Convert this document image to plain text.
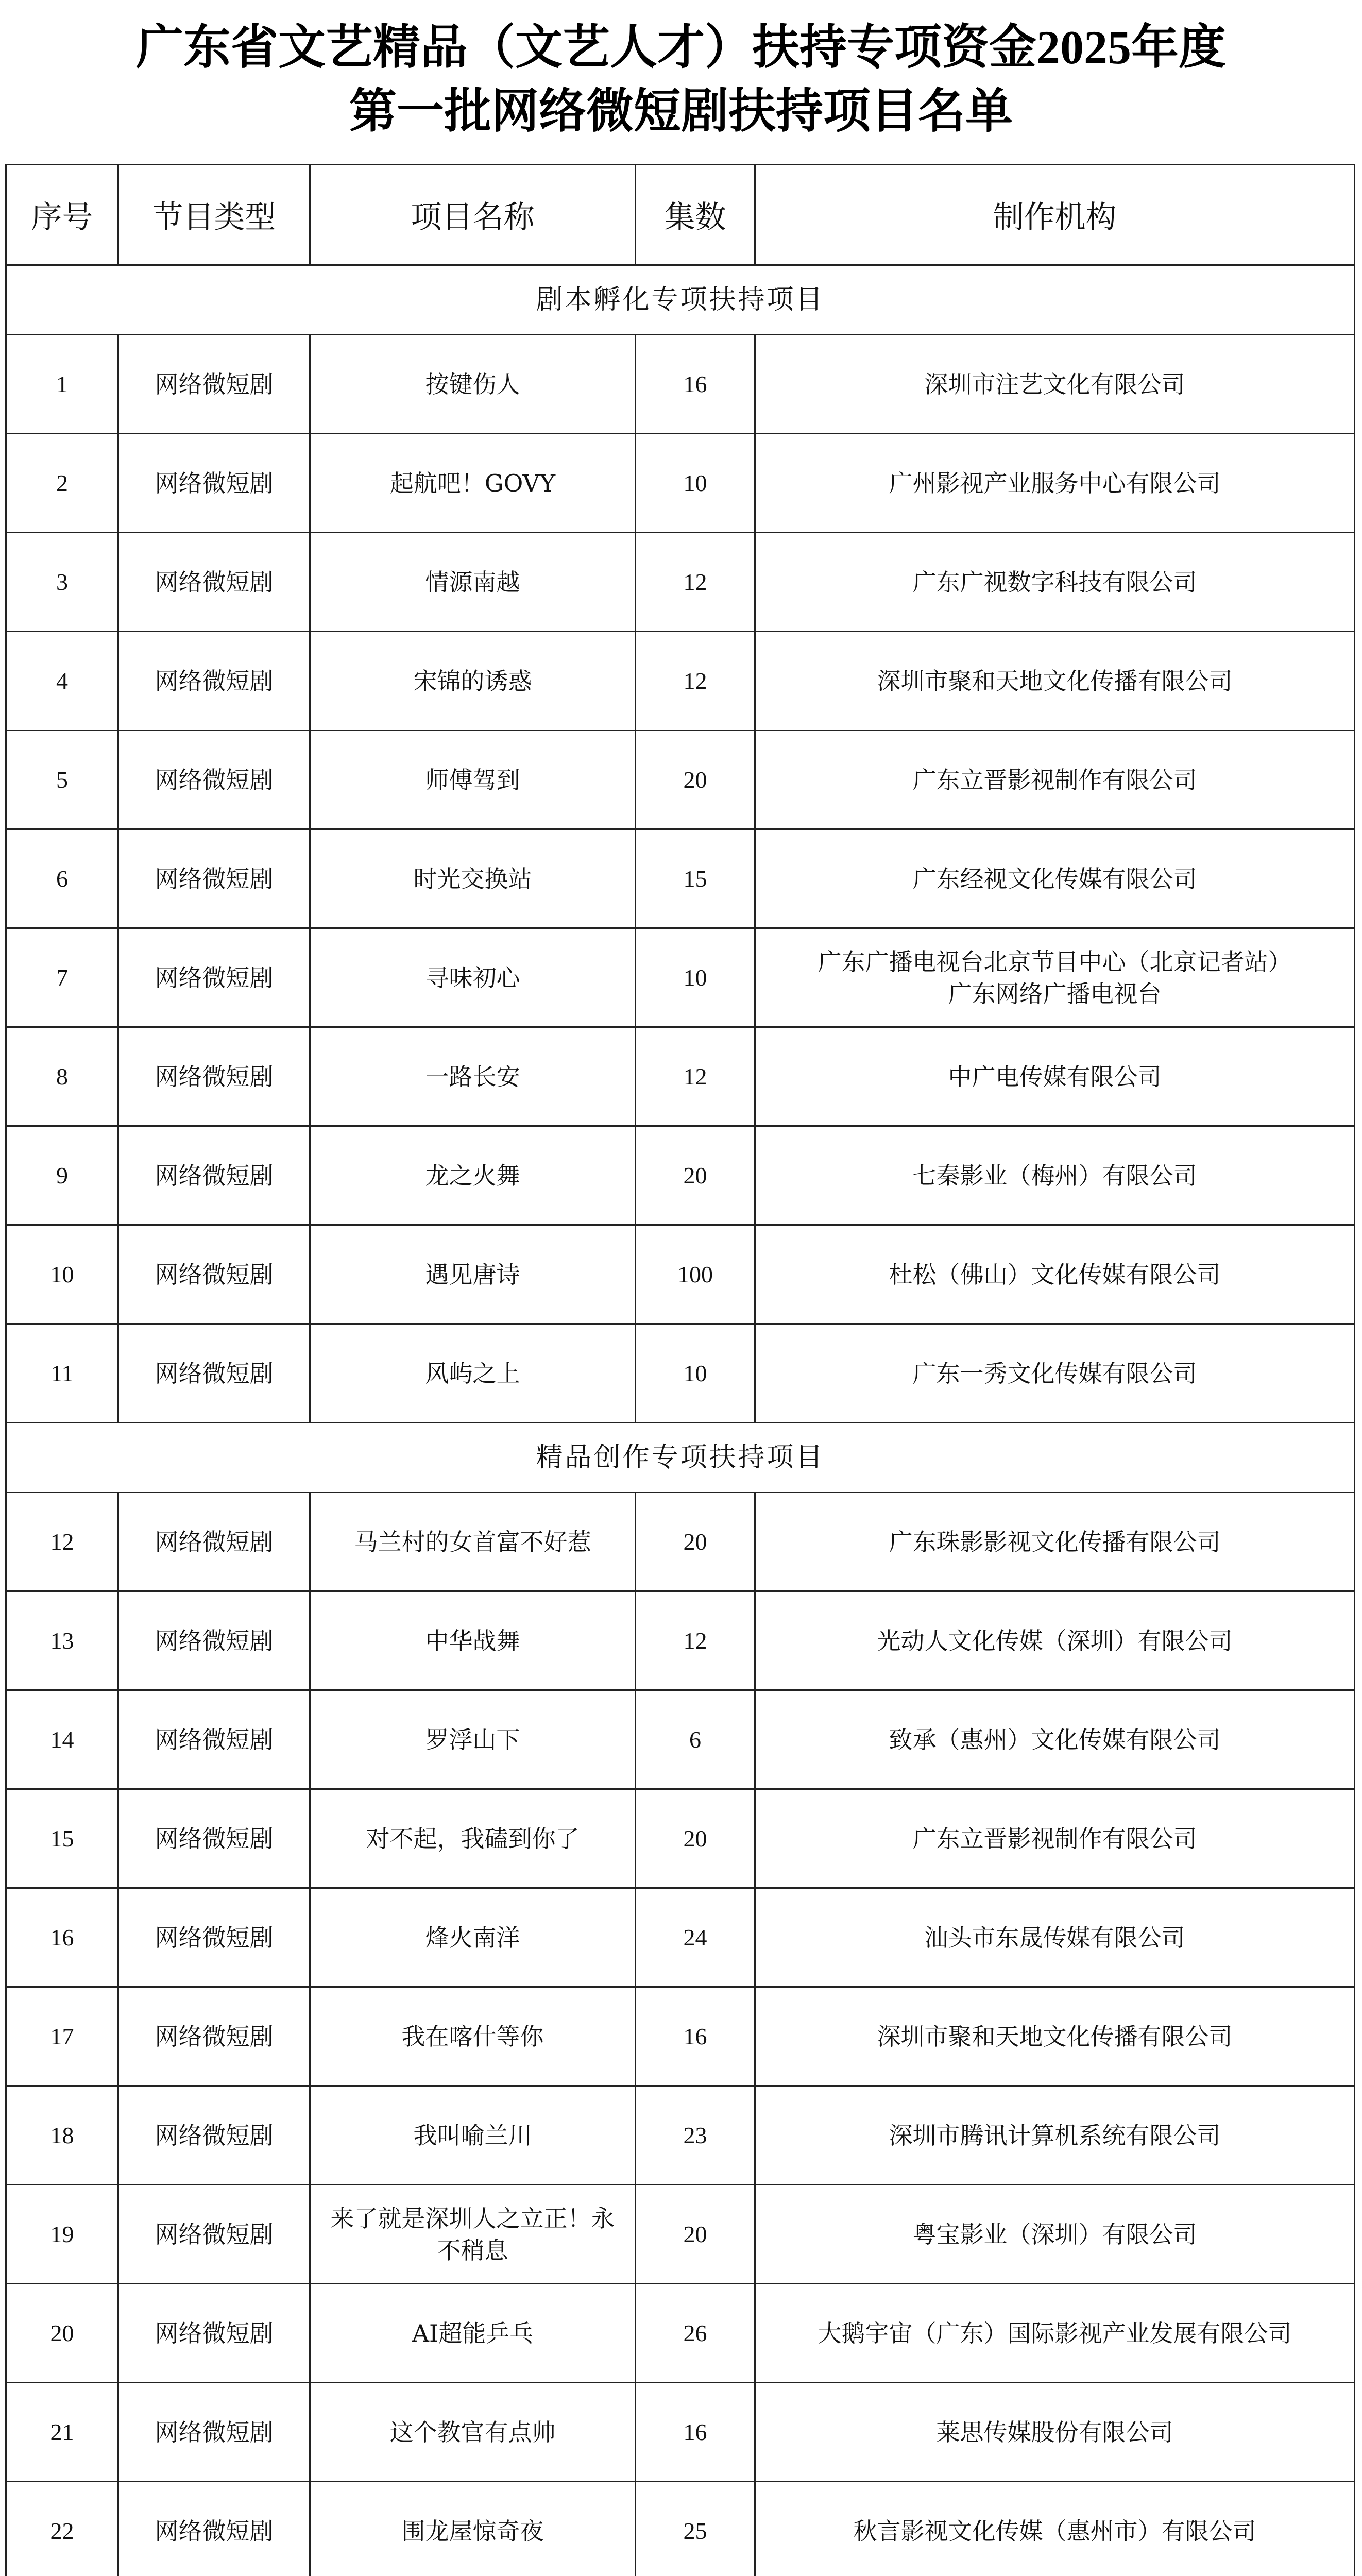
广东省文艺精品（文艺人才）扶持专项资金2025年度
第一批网络微短剧扶持项目名单
序号	节目类型	项目名称	集数	制作机构
剧本孵化专项扶持项目				
1	网络微短剧	按键伤人	16	深圳市注艺文化有限公司

2	网络微短剧	起航吧！GOVY	10	广州影视产业服务中心有限公司

3	网络微短剧	情源南越	12	广东广视数字科技有限公司

4	网络微短剧	宋锦的诱惑	12	深圳市聚和天地文化传播有限公司

5	网络微短剧	师傅驾到	20	广东立晋影视制作有限公司

6	网络微短剧	时光交换站	15	广东经视文化传媒有限公司

7	网络微短剧	寻味初心	10	广东广播电视台北京节目中心（北京记者站）
广东网络广播电视台

8	网络微短剧	一路长安	12	中广电传媒有限公司

9	网络微短剧	龙之火舞	20	七秦影业（梅州）有限公司

10	网络微短剧	遇见唐诗	100	杜松（佛山）文化传媒有限公司

11	网络微短剧	风屿之上	10	广东一秀文化传媒有限公司

精品创作专项扶持项目				
12	网络微短剧	马兰村的女首富不好惹	20	广东珠影影视文化传播有限公司

13	网络微短剧	中华战舞	12	光动人文化传媒（深圳）有限公司

14	网络微短剧	罗浮山下	6	致承（惠州）文化传媒有限公司

15	网络微短剧	对不起，我磕到你了	20	广东立晋影视制作有限公司

16	网络微短剧	烽火南洋	24	汕头市东晟传媒有限公司

17	网络微短剧	我在喀什等你	16	深圳市聚和天地文化传播有限公司

18	网络微短剧	我叫喻兰川	23	深圳市腾讯计算机系统有限公司

19	网络微短剧	来了就是深圳人之立正！永不稍息	20	粤宝影业（深圳）有限公司

20	网络微短剧	AI超能乒乓	26	大鹅宇宙（广东）国际影视产业发展有限公司

21	网络微短剧	这个教官有点帅	16	莱思传媒股份有限公司

22	网络微短剧	围龙屋惊奇夜	25	秋言影视文化传媒（惠州市）有限公司
